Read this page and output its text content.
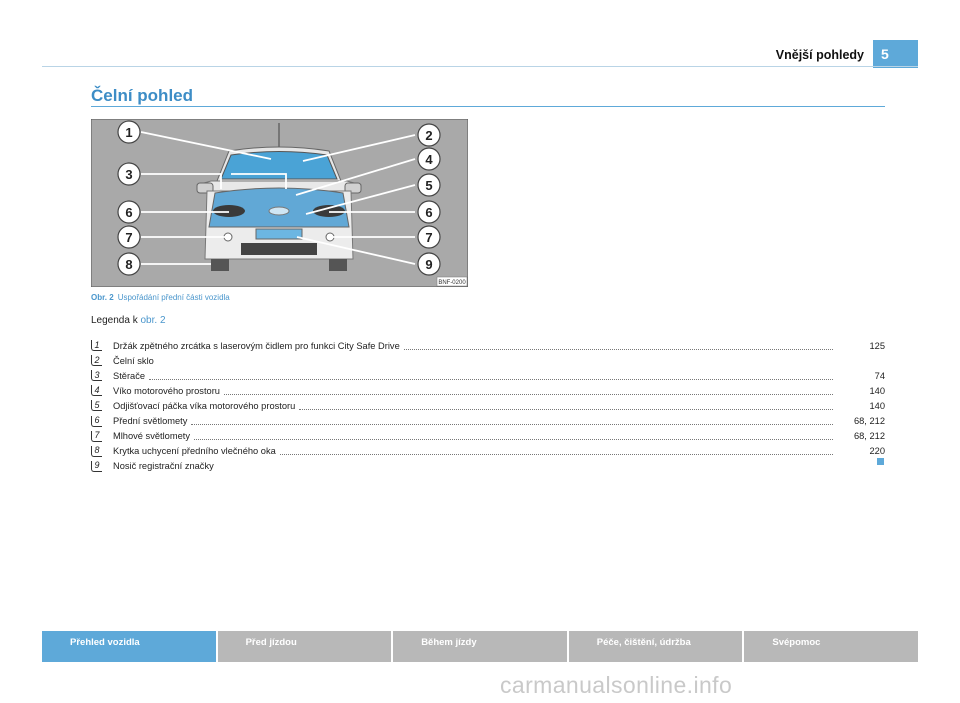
Vnější pohledy	5
Čelní pohled
1	2
3
4
5
6	6
7	7
8	9
BNF-0200
Obr. 2 Uspořádání přední části vozidla
Legenda k obr. 2
1 Držák zpětného zrcátka s laserovým čidlem pro funkci City Safe Drive	125
2 Čelní sklo
3 Stěrače	74
4 Víko motorového prostoru	140
5 Odjišťovací páčka víka motorového prostoru	140
6 Přední světlomety	68, 212
7 Mlhové světlomety	68, 212
8 Krytka uchycení předního vlečného oka	220
9 Nosič registrační značky
Přehled vozidla	Před jízdou	Během jízdy	Péče, čištění, údržba	Svépomoc
carmanualsonline.info
